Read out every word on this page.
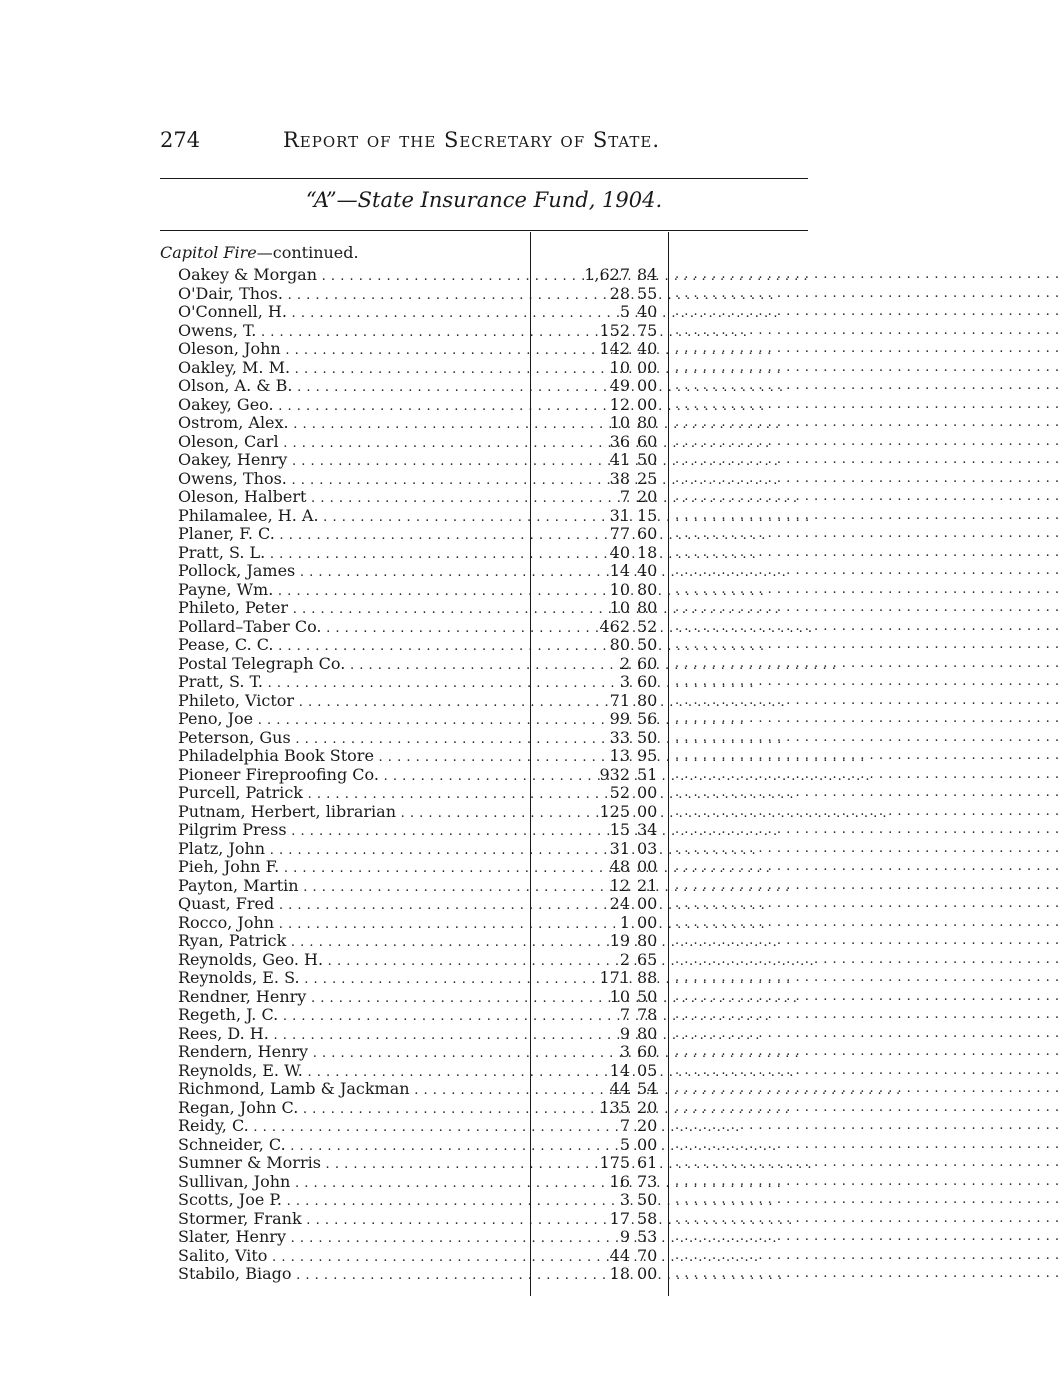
274	Report of the Secretary of State.
“A”—State Insurance Fund, 1904.
Capitol Fire—continued.
Oakey & Morgan . . .	1,627 84 . . . . . . . . . . . . . . . . . . . . . . . . . . . . . . . . . . . . . . . . . .
O'Dair, Thos. . . .	28 55 . . . . . . . . . . . . . . . . . . . . . . . . . . . . . . . . . . . . . . . . . .
O'Connell, H. . . .	5 40 . . . . . . . . . . . . . . . . . . . . . . . . . . . . . . . . . . . . . . . . . .
Owens, T. . . .	152 75 . . . . . . . . . . . . . . . . . . . . . . . . . . . . . . . . . . . . . . . . . .
Oleson, John . . .	142 40 . . . . . . . . . . . . . . . . . . . . . . . . . . . . . . . . . . . . . . . . . .
Oakley, M. M. . . .	10 00 . . . . . . . . . . . . . . . . . . . . . . . . . . . . . . . . . . . . . . . . . .
Olson, A. & B. . . .	49 00 . . . . . . . . . . . . . . . . . . . . . . . . . . . . . . . . . . . . . . . . . .
Oakey, Geo. . . .	12 00 . . . . . . . . . . . . . . . . . . . . . . . . . . . . . . . . . . . . . . . . . .
Ostrom, Alex. . . .	10 80 . . . . . . . . . . . . . . . . . . . . . . . . . . . . . . . . . . . . . . . . . .
Oleson, Carl . . .	36 60 . . . . . . . . . . . . . . . . . . . . . . . . . . . . . . . . . . . . . . . . . .
Oakey, Henry . . .	41 50 . . . . . . . . . . . . . . . . . . . . . . . . . . . . . . . . . . . . . . . . . .
Owens, Thos. . . .	38 25 . . . . . . . . . . . . . . . . . . . . . . . . . . . . . . . . . . . . . . . . . .
Oleson, Halbert . . .	7 20 . . . . . . . . . . . . . . . . . . . . . . . . . . . . . . . . . . . . . . . . . .
Philamalee, H. A. . . .	31 15 . . . . . . . . . . . . . . . . . . . . . . . . . . . . . . . . . . . . . . . . . .
Planer, F. C. . . .	77 60 . . . . . . . . . . . . . . . . . . . . . . . . . . . . . . . . . . . . . . . . . .
Pratt, S. L. . . .	40 18 . . . . . . . . . . . . . . . . . . . . . . . . . . . . . . . . . . . . . . . . . .
Pollock, James . . .	14 40 . . . . . . . . . . . . . . . . . . . . . . . . . . . . . . . . . . . . . . . . . .
Payne, Wm. . . .	10 80 . . . . . . . . . . . . . . . . . . . . . . . . . . . . . . . . . . . . . . . . . .
Phileto, Peter . . .	10 80 . . . . . . . . . . . . . . . . . . . . . . . . . . . . . . . . . . . . . . . . . .
Pollard–Taber Co. . . .	462 52 . . . . . . . . . . . . . . . . . . . . . . . . . . . . . . . . . . . . . . . . . .
Pease, C. C. . . .	80 50 . . . . . . . . . . . . . . . . . . . . . . . . . . . . . . . . . . . . . . . . . .
Postal Telegraph Co. . . .	2 60 . . . . . . . . . . . . . . . . . . . . . . . . . . . . . . . . . . . . . . . . . .
Pratt, S. T. . . .	3 60 . . . . . . . . . . . . . . . . . . . . . . . . . . . . . . . . . . . . . . . . . .
Phileto, Victor . . .	71 80 . . . . . . . . . . . . . . . . . . . . . . . . . . . . . . . . . . . . . . . . . .
Peno, Joe . . .	99 56 . . . . . . . . . . . . . . . . . . . . . . . . . . . . . . . . . . . . . . . . . .
Peterson, Gus . . .	33 50 . . . . . . . . . . . . . . . . . . . . . . . . . . . . . . . . . . . . . . . . . .
Philadelphia Book Store . . .	13 95 . . . . . . . . . . . . . . . . . . . . . . . . . . . . . . . . . . . . . . . . . .
Pioneer Fireproofing Co. . . .	932 51 . . . . . . . . . . . . . . . . . . . . . . . . . . . . . . . . . . . . . . . . . .
Purcell, Patrick . . .	52 00 . . . . . . . . . . . . . . . . . . . . . . . . . . . . . . . . . . . . . . . . . .
Putnam, Herbert, librarian . . .	125 00 . . . . . . . . . . . . . . . . . . . . . . . . . . . . . . . . . . . . . . . . . .
Pilgrim Press . . .	15 34 . . . . . . . . . . . . . . . . . . . . . . . . . . . . . . . . . . . . . . . . . .
Platz, John . . .	31 03 . . . . . . . . . . . . . . . . . . . . . . . . . . . . . . . . . . . . . . . . . .
Pieh, John F. . . .	48 00 . . . . . . . . . . . . . . . . . . . . . . . . . . . . . . . . . . . . . . . . . .
Payton, Martin . . .	12 21 . . . . . . . . . . . . . . . . . . . . . . . . . . . . . . . . . . . . . . . . . .
Quast, Fred . . .	24 00 . . . . . . . . . . . . . . . . . . . . . . . . . . . . . . . . . . . . . . . . . .
Rocco, John . . .	1 00 . . . . . . . . . . . . . . . . . . . . . . . . . . . . . . . . . . . . . . . . . .
Ryan, Patrick . . .	19 80 . . . . . . . . . . . . . . . . . . . . . . . . . . . . . . . . . . . . . . . . . .
Reynolds, Geo. H. . . .	2 65 . . . . . . . . . . . . . . . . . . . . . . . . . . . . . . . . . . . . . . . . . .
Reynolds, E. S. . . .	171 88 . . . . . . . . . . . . . . . . . . . . . . . . . . . . . . . . . . . . . . . . . .
Rendner, Henry . . .	10 50 . . . . . . . . . . . . . . . . . . . . . . . . . . . . . . . . . . . . . . . . . .
Regeth, J. C. . . .	7 78 . . . . . . . . . . . . . . . . . . . . . . . . . . . . . . . . . . . . . . . . . .
Rees, D. H. . . .	9 80 . . . . . . . . . . . . . . . . . . . . . . . . . . . . . . . . . . . . . . . . . .
Rendern, Henry . . .	3 60 . . . . . . . . . . . . . . . . . . . . . . . . . . . . . . . . . . . . . . . . . .
Reynolds, E. W. . . .	14 05 . . . . . . . . . . . . . . . . . . . . . . . . . . . . . . . . . . . . . . . . . .
Richmond, Lamb & Jackman . . .	44 54 . . . . . . . . . . . . . . . . . . . . . . . . . . . . . . . . . . . . . . . . . .
Regan, John C. . . .	135 20 . . . . . . . . . . . . . . . . . . . . . . . . . . . . . . . . . . . . . . . . . .
Reidy, C. . . .	7 20 . . . . . . . . . . . . . . . . . . . . . . . . . . . . . . . . . . . . . . . . . .
Schneider, C. . . .	5 00 . . . . . . . . . . . . . . . . . . . . . . . . . . . . . . . . . . . . . . . . . .
Sumner & Morris . . .	175 61 . . . . . . . . . . . . . . . . . . . . . . . . . . . . . . . . . . . . . . . . . .
Sullivan, John . . .	16 73 . . . . . . . . . . . . . . . . . . . . . . . . . . . . . . . . . . . . . . . . . .
Scotts, Joe P. . . .	3 50 . . . . . . . . . . . . . . . . . . . . . . . . . . . . . . . . . . . . . . . . . .
Stormer, Frank . . .	17 58 . . . . . . . . . . . . . . . . . . . . . . . . . . . . . . . . . . . . . . . . . .
Slater, Henry . . .	9 53 . . . . . . . . . . . . . . . . . . . . . . . . . . . . . . . . . . . . . . . . . .
Salito, Vito . . .	44 70 . . . . . . . . . . . . . . . . . . . . . . . . . . . . . . . . . . . . . . . . . .
Stabilo, Biago . . .	18 00 . . . . . . . . . . . . . . . . . . . . . . . . . . . . . . . . . . . . . . . . . .
